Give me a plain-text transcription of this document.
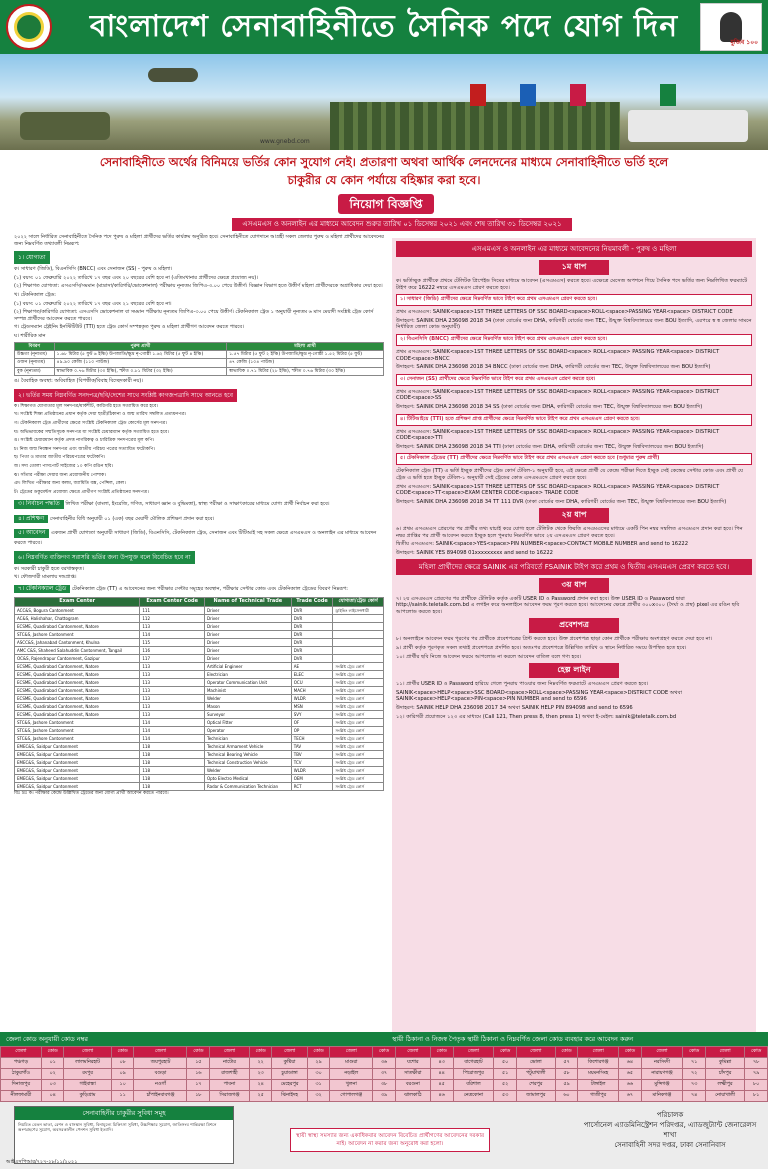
বাংলাদেশ সেনাবাহিনীতে সৈনিক পদে যোগ দিন	মুজিব ১০০
www.gnebd.com
সেনাবাহিনীতে অর্থের বিনিময়ে ভর্তির কোন সুযোগ নেই। প্রতারণা অথবা আর্থিক লেনদেনের মাধ্যমে সেনাবাহিনীতে ভর্তি হলে
চাকুরীর যে কোন পর্যায়ে বহিষ্কার করা হবে।
নিয়োগ বিজ্ঞপ্তি
এসএমএস ও অনলাইন এর মাধ্যমে আবেদন শুরুর তারিখ ০১ ডিসেম্বর ২০২১ এবং শেষ তারিখ ৩১ ডিসেম্বর ২০২১

২০২২ সালে নির্ধারিত সেনাবাহিনীতে সৈনিক পদে পুরুষ ও মহিলা প্রার্থীদের ভর্তির কার্যক্রম অনুষ্ঠিত হবে। সেনাবাহিনীতে যোগদানে আগ্রহী সকল জেলার পুরুষ ও মহিলা প্রার্থীদের আবেদনের জন্য নিম্নবর্ণিত তথ্যাবলী নিম্নরূপ:

১। যোগ্যতা

ক। সাধারণ (জিডি), বিএনসিসি (BNCC) এবং সেনাজন (SS) - পুরুষ ও মহিলা।

(১) বয়স: ০১ ফেব্রুয়ারি ২০২২ তারিখে ১৭ বছর এবং ২০ বছরের বেশি হবে না (এতিমখানার প্রার্থীদের ক্ষেত্রে প্রযোজ্য নয়)।

(২) শিক্ষাগত যোগ্যতা: এসএসসি/সমমান (মাদ্রাসা/কারিগরি/ভোকেশনাল) পরীক্ষায় নূন্যতম জিপিএ-৩.০০ পেয়ে উত্তীর্ণ। বিজ্ঞান বিভাগ হতে উত্তীর্ণ মহিলা প্রার্থীদেরকে অগ্রাধিকার দেয়া হবে।

খ। টেকনিক্যাল ট্রেড:

(১) বয়স: ০১ ফেব্রুয়ারি ২০২২ তারিখে ১৭ বছর এবং ২১ বছরের বেশি হবে না।

(২) শিক্ষাগত/কারিগরি যোগ্যতা: এসএসসি ভোকেশনাল বা সমমান পরীক্ষায় নূন্যতম জিপিএ-৩.০০ পেয়ে উত্তীর্ণ। টেকনিক্যাল ট্রেড ১ অনুযায়ী নূন্যতম ৬ মাস মেয়াদী সংশ্লিষ্ট ট্রেড কোর্স সম্পন্ন প্রার্থীদের আবেদন করতে পারবে।

গ। ট্রেডসম্যান ট্রেইনিং ইনস্টিটিউট (TTI) হতে ট্রেড কোর্স সম্পন্নকৃত পুরুষ ও মহিলা প্রার্থীগণ আবেদন করতে পারবে।

ঘ। শারীরিক মান

বিবরণ	পুরুষ প্রার্থী	মহিলা প্রার্থী
উচ্চতা (নূন্যতম)	১.৬৮ মিটার (৫ ফুট ৬ ইঞ্চি) উপজাতি/ক্ষুদ্র নৃ-গোষ্ঠী ১.৬২ মিটার (৫ ফুট ৪ ইঞ্চি)	১.৫৭ মিটার (৫ ফুট ২ ইঞ্চি) উপজাতি/ক্ষুদ্র নৃ-গোষ্ঠী ১.৫২ মিটার (৫ ফুট)
ওজন (নূন্যতম)	৪৯.৯০ কেজি (১১০ পাউন্ড)	৪৭ কেজি (১০৪ পাউন্ড)
বুক (নূন্যতম)	স্বাভাবিক ০.৭৬ মিটার (৩০ ইঞ্চি), স্ফীত ০.৮১ মিটার (৩২ ইঞ্চি)	স্বাভাবিক ০.৭১ মিটার (২৮ ইঞ্চি), স্ফীত ০.৭৬ মিটার (৩০ ইঞ্চি)

ঙ। বৈবাহিক অবস্থা: অবিবাহিত (বিপত্নীক/বিবাহ বিচ্ছেদকারী নয়)।

২। ভর্তির সময় নিম্নবর্ণিত সনদপত্র/ছবি/দেশের সাথে সংশ্লিষ্ট কাগজপত্রাদি সাথে আনতে হবে

ক। শিক্ষাগত যোগ্যতার মূল সনদপত্র/মার্কশীট, কারিগরি হতে সত্যায়িত করে হবে।

খ। সংশ্লিষ্ট শিক্ষা প্রতিষ্ঠানের প্রধান কর্তৃক দেয়া ছাত্রী/ঠিকানা ও জন্ম তারিখ সম্বলিত প্রত্যয়নপত্র।

গ। টেকনিক্যাল ট্রেড প্রার্থীদের ক্ষেত্রে সংশ্লিষ্ট টেকনিক্যাল ট্রেড কোর্সের মূল সনদপত্র।

ঘ। অভিভাবকের সম্মতিসূচক সনদপত্র যা সংশ্লিষ্ট চেয়ারম্যান কর্তৃক সত্যায়িত হতে হবে।

ঙ। সংশ্লিষ্ট চেয়ারম্যান কর্তৃক প্রদত্ত নাগরিকত্ব ও চারিত্রিক সনদপত্রের মূল কপি।

চ। নিজ জন্ম নিবন্ধন সনদপত্র এবং জাতীয় পরিচয় পত্রের সত্যায়িত ফটোকপি।

ছ। পিতা ও মাতার জাতীয় পরিচয়পত্রের ফটোকপি।

জ। সদ্য তোলা পাসপোর্ট সাইজের ১০ কপি রঙিন ছবি।

ঝ। সাঁতার পরীক্ষা দেয়ার জন্য প্রয়োজনীয় পোশাক।

ঞ। লিখিত পরীক্ষার জন্য কলম, জ্যামিতি বক্স, পেন্সিল, কেল।

ট। ট্রেডের ডকুমেন্টস প্রযোজ্য ক্ষেত্রে প্রার্থীগণ সংশ্লিষ্ট প্রতিষ্ঠানের সনদপত্র।

৩। নির্বাচন পদ্ধতি লিখিত পরীক্ষা (বাংলা, ইংরেজি, গণিত, সাধারণ জ্ঞান ও বুদ্ধিমত্তা), স্বাস্থ্য পরীক্ষা ও সাক্ষাৎকারের মাধ্যমে যোগ্য প্রার্থী নির্বাচন করা হবে।

৪। প্রশিক্ষণ সেনাবাহিনীর বিধি অনুযায়ী ০১ (এক) বছর মেয়াদী মৌলিক প্রশিক্ষণ প্রদান করা হবে।

৫। আবেদন একজন প্রার্থী যোগ্যতা অনুযায়ী সাধারণ (জিডি), বিএনসিসি, টেকনিক্যাল ট্রেড, সেনাজন এবং টিটিআই সহ সকল ক্ষেত্রে এসএমএস ও অনলাইন এর মাধ্যমে আবেদন করতে পারবে।

৬। নিম্নবর্ণিত ব্যক্তিগণ সরাসরি ভর্তির জন্য উপযুক্ত বলে বিবেচিত হবে না

ক। সরকারী চাকুরী হতে বরখাস্তকৃত।

খ। ফৌজদারী মামলায় দন্ডপ্রাপ্ত।

৭। টেকনিক্যাল ট্রেড টেকনিক্যাল ট্রেড (TT) এ আবেদনের জন্য পরীক্ষার সেন্টার সমূহের অবস্থান, পরীক্ষার সেন্টার কোড এবং টেকনিক্যাল ট্রেডের বিবরণ নিম্নরূপ:

Exam Center	Exam Center Code	Name of Technical Trade	Trade Code	যোগ্যতা/ট্রেড কোর্স
ACC&S, Bogura Cantonment	111	Driver	DVR	ড্রাইভিং লাইসেন্সধারী
AC&S, Halishahar, Chattogram	112	Driver	DVR	
ECSME, Quadirabad Cantonment, Natore	113	Driver	DVR	
STC&S, Jashore Cantonment	114	Driver	DVR	
ASCC&S, Jahanabad Cantonment, Khulna	115	Driver	DVR	
AMC C&S, Shaheed Salahuddin Cantonment, Tangail	116	Driver	DVR	
OC&S, Rajendrapur Cantonment, Gazipur	117	Driver	DVR	
ECSME, Quadirabad Cantonment, Natore	113	Artificial Engineer	AE	সংশ্লিষ্ট ট্রেড কোর্স
ECSME, Quadirabad Cantonment, Natore	113	Electrician	ELEC	সংশ্লিষ্ট ট্রেড কোর্স
ECSME, Quadirabad Cantonment, Natore	113	Operator Communication Unit	OCU	সংশ্লিষ্ট ট্রেড কোর্স
ECSME, Quadirabad Cantonment, Natore	113	Machinist	MACH	সংশ্লিষ্ট ট্রেড কোর্স
ECSME, Quadirabad Cantonment, Natore	113	Welder	WLDR	সংশ্লিষ্ট ট্রেড কোর্স
ECSME, Quadirabad Cantonment, Natore	113	Mason	MSN	সংশ্লিষ্ট ট্রেড কোর্স
ECSME, Quadirabad Cantonment, Natore	113	Surveyor	SVY	সংশ্লিষ্ট ট্রেড কোর্স
STC&S, Jashore Cantonment	114	Optical Fitter	OF	সংশ্লিষ্ট ট্রেড কোর্স
STC&S, Jashore Cantonment	114	Operator	OP	সংশ্লিষ্ট ট্রেড কোর্স
STC&S, Jashore Cantonment	114	Technician	TECH	সংশ্লিষ্ট ট্রেড কোর্স
EMEC&S, Saidpur Cantonment	118	Technical Armament Vehicle	TAV	সংশ্লিষ্ট ট্রেড কোর্স
EMEC&S, Saidpur Cantonment	118	Technical Bearing Vehicle	TBV	সংশ্লিষ্ট ট্রেড কোর্স
EMEC&S, Saidpur Cantonment	118	Technical Construction Vehicle	TCV	সংশ্লিষ্ট ট্রেড কোর্স
EMEC&S, Saidpur Cantonment	118	Welder	WLDR	সংশ্লিষ্ট ট্রেড কোর্স
EMEC&S, Saidpur Cantonment	118	Opto Electro Medical	OEM	সংশ্লিষ্ট ট্রেড কোর্স
EMEC&S, Saidpur Cantonment	118	Radar & Communication Technician	RCT	সংশ্লিষ্ট ট্রেড কোর্স

বিঃ দ্রঃ ক। পরীক্ষার কেন্দ্রে উল্লিখিত ট্রেডের জন্য যোগ্য প্রার্থী আবেদন করতে পারবে।

এসএমএস ও অনলাইন এর মাধ্যমে আবেদনের নিয়মাবলী - পুরুষ ও মহিলা
১ম ধাপ

ক। ভর্তিচ্ছুক প্রার্থীকে প্রথমে টেলিটক প্রিপেইড সিমের মাধ্যমে আবেদন (এসএমএস) করতে হবে। এক্ষেত্রে মেসেজ অপশনে গিয়ে সৈনিক পদে ভর্তির জন্য নিম্নলিখিত ফরম্যাটে টাইপ করে 16222 নম্বরে এসএমএস প্রেরণ করতে হবে।

১। সাধারণ (জিডি) প্রার্থীদের ক্ষেত্রে নিম্নবর্ণিত ভাবে টাইপ করে প্রথম এসএমএস প্রেরণ করতে হবে।

প্রথম এসএমএস: SAINIK<space>1ST THREE LETTERS OF SSC BOARD<space>ROLL<space>PASSING YEAR<space> DISTRICT CODE

উদাহরণ: SAINIK DHA 236098 2018 34 (ঢাকা বোর্ডের জন্য DHA, কারিগরী বোর্ডের জন্য TEC, উন্মুক্ত বিশ্ববিদ্যালয়ের জন্য BOU ইত্যাদি, এরপরে স্ব স্ব জেলার সামনে নির্ধারিত জেলা কোড অনুযায়ী)

২। বিএনসিসি (BNCC) প্রার্থীদের ক্ষেত্রে নিম্নবর্ণিত ভাবে টাইপ করে প্রথম এসএমএস প্রেরণ করতে হবে।

প্রথম এসএমএস: SAINIK<space>1ST THREE LETTERS OF SSC BOARD<space> ROLL<space> PASSING YEAR<space> DISTRICT CODE<space>BNCC

উদাহরণ: SAINIK DHA 236098 2018 34 BNCC (ঢাকা বোর্ডের জন্য DHA, কারিগরী বোর্ডের জন্য TEC, উন্মুক্ত বিশ্ববিদ্যালয়ের জন্য BOU ইত্যাদি)

৩। সেনাজন (SS) প্রার্থীদের ক্ষেত্রে নিম্নবর্ণিত ভাবে টাইপ করে প্রথম এসএমএস প্রেরণ করতে হবে।

প্রথম এসএমএস: SAINIK<space>1ST THREE LETTERS OF SSC BOARD<space> ROLL<space> PASSING YEAR<space> DISTRICT CODE<space>SS

উদাহরণ: SAINIK DHA 236098 2018 34 SS (ঢাকা বোর্ডের জন্য DHA, কারিগরী বোর্ডের জন্য TEC, উন্মুক্ত বিশ্ববিদ্যালয়ের জন্য BOU ইত্যাদি)

৪। টিটিআইয়ে (TTI) হতে প্রশিক্ষণ প্রাপ্ত প্রার্থীদের ক্ষেত্রে নিম্নবর্ণিত ভাবে টাইপ করে প্রথম এসএমএস প্রেরণ করতে হবে।

প্রথম এসএমএস: SAINIK<space>1ST THREE LETTERS OF SSC BOARD<space> ROLL<space> PASSING YEAR<space> DISTRICT CODE<space>TTI

উদাহরণ: SAINIK DHA 236098 2018 34 TTI (ঢাকা বোর্ডের জন্য DHA, কারিগরী বোর্ডের জন্য TEC, উন্মুক্ত বিশ্ববিদ্যালয়ের জন্য BOU ইত্যাদি)

৫। টেকনিক্যাল ট্রেডের (TT) প্রার্থীদের ক্ষেত্রে নিম্নবর্ণিত ভাবে টাইপ করে প্রথম এসএমএস প্রেরণ করতে হবে (শুধুমাত্র পুরুষ প্রার্থী)

টেকনিক্যাল ট্রেড (TT) এ ভর্তি ইচ্ছুক প্রার্থীদের ট্রেড কোর্স টেবিল-১ অনুযায়ী হবে, এই ক্ষেত্রে প্রার্থী যে কেন্দ্রে পরীক্ষা দিতে ইচ্ছুক সেই কেন্দ্রের সেন্টার কোড এবং প্রার্থী যে ট্রেড এ ভর্তি হতে ইচ্ছুক টেবিল-১ অনুযায়ী সেই ট্রেডের কোড এসএমএসে প্রেরণ করতে হবে।

প্রথম এসএমএস: SAINIK<space>1ST THREE LETTERS OF SSC BOARD<space> ROLL<space> PASSING YEAR<space> DISTRICT CODE<space>TT<space>EXAM CENTER CODE<space> TRADE CODE

উদাহরণ: SAINIK DHA 236098 2018 34 TT 111 DVR (ঢাকা বোর্ডের জন্য DHA, কারিগরী বোর্ডের জন্য TEC, উন্মুক্ত বিশ্ববিদ্যালয়ের জন্য BOU ইত্যাদি)

২য় ধাপ

৬। প্রথম এসএমএস প্রেরণের পর প্রার্থীর তথ্য যাচাই করে যোগ্য হলে টেলিটক থেকে ফিরতি এসএমএসের মাধ্যমে একটি পিন নম্বর সম্বলিত এসএমএস প্রদান করা হবে। পিন নম্বর প্রাপ্তির পর প্রার্থী আবেদন করতে ইচ্ছুক হলে পুনরায় নিম্নবর্ণিত ভাবে ২য় এসএমএস প্রেরণ করতে হবে।

দ্বিতীয় এসএমএস: SAINIK<space>YES<space>PIN NUMBER<space>CONTACT MOBILE NUMBER and send to 16222

উদাহরণ: SAINIK YES 894098 01xxxxxxxxx and send to 16222

মহিলা প্রার্থীদের ক্ষেত্রে SAINIK এর পরিবর্তে FSAINIK টাইপ করে প্রথম ও দ্বিতীয় এসএমএস প্রেরণ করতে হবে।
৩য় ধাপ

৭। ২য় এসএমএস প্রেরণের পর প্রার্থীকে টেলিটক কর্তৃক একটি USER ID ও Password প্রদান করা হবে। উক্ত USER ID ও Password দ্বারা http://sainik.teletalk.com.bd এ লগইন করে অনলাইনে আবেদন ফরম পূরণ করতে হবে। আবেদনের ক্ষেত্রে প্রার্থীর ৩০০x৩০০ (দৈর্ঘ্য ও প্রস্থ) pixel এর রঙিন ছবি আপলোড করতে হবে।

প্রবেশপত্র

৮। অনলাইনে আবেদন ফরম পূরণের পর প্রার্থীকে প্রবেশপত্রের প্রিন্ট করতে হবে। উক্ত প্রবেশপত্র ছাড়া কোন প্রার্থীকে পরীক্ষায় অংশগ্রহণ করতে দেয়া হবে না।

৯। প্রার্থী কর্তৃক পূরণকৃত সকল তথ্যই প্রবেশপত্রে প্রদর্শিত হবে। অতঃপর প্রবেশপত্রে উল্লিখিত তারিখ ও স্থানে নির্ধারিত সময়ে উপস্থিত হতে হবে।

১০। প্রার্থীর ছবি নিজে আবেদন ফরমে আপলোড না করলে আবেদন বাতিল বলে গণ্য হবে।

হেল্প লাইন

১১। প্রার্থীর USER ID ও Password হারিয়ে গেলে পুনরায় পাওয়ার জন্য নিম্নবর্ণিত ফরম্যাটে এসএমএস প্রেরণ করতে হবে।

SAINIK<space>HELP<space>SSC BOARD<space>ROLL<space>PASSING YEAR<space>DISTRICT CODE অথবা SAINIK<space>HELP<space>PIN<space>PIN NUMBER and send to 6596

উদাহরণ: SAINIK HELP DHA 236098 2017 34 অথবা SAINIK HELP PIN 894098 and send to 6596

১২। কারিগরী প্রয়োজনে ১২৩ এর মাধ্যমে (Call 121, Then press 8, then press 1) অথবা ই-মেইল: sainik@teletalk.com.bd

জেলা কোড অনুযায়ী কোড নম্বর	স্থায়ী ঠিকানা ও নিজস্ব পৈতৃক স্থায়ী ঠিকানা ও নিম্নবর্ণিত জেলা কোড ব্যবহার করে আবেদন করুন
জেলা	কোড	জেলা	কোড	জেলা	কোড	জেলা	কোড	জেলা	কোড	জেলা	কোড	জেলা	কোড	জেলা	কোড	জেলা	কোড	জেলা	কোড	জেলা	কোড	জেলা	কোড
পঞ্চগড়	০১	লালমনিরহাট	০৮	জয়পুরহাট	১৫	নাটোর	২২	কুষ্টিয়া	২৯	মাগুরা	৩৬	যশোর	৪৩	বাগেরহাট	৫০	ভোলা	৫৭	কিশোরগঞ্জ	৬৪	নরসিংদী	৭১	কুমিল্লা	৭৮
ঠাকুরগাঁও	০২	রংপুর	০৯	বগুড়া	১৬	রাজশাহী	২৩	চুয়াডাঙ্গা	৩০	নড়াইল	৩৭	সাতক্ষীরা	৪৪	পিরোজপুর	৫১	পটুয়াখালী	৫৮	ময়মনসিংহ	৬৫	নারায়ণগঞ্জ	৭২	চাঁদপুর	৭৯
দিনাজপুর	০৩	গাইবান্ধা	১০	নওগাঁ	১৭	পাবনা	২৪	মেহেরপুর	৩১	খুলনা	৩৮	বরগুনা	৪৫	বরিশাল	৫২	শেরপুর	৫৯	টাঙ্গাইল	৬৬	মুন্সিগঞ্জ	৭৩	লক্ষ্মীপুর	৮০
নীলফামারী	০৪	কুড়িগ্রাম	১১	চাঁপাইনবাবগঞ্জ	১৮	সিরাজগঞ্জ	২৫	ঝিনাইদহ	৩২	গোপালগঞ্জ	৩৯	ঝালকাঠি	৪৬	নেত্রকোনা	৫৩	জামালপুর	৬০	গাজীপুর	৬৭	মানিকগঞ্জ	৭৪	নোয়াখালী	৮১
সেনাবাহিনীর চাকুরীর সুবিধা সমূহ

নিয়মিত বেতন ভাতা, রেশন ও বাসস্থান সুবিধা, বিনামূল্যে চিকিৎসা সুবিধা, উচ্চশিক্ষার সুযোগ, জাতিসংঘ শান্তিরক্ষা মিশনে অংশগ্রহণের সুযোগ, অবসরকালীন পেনশন সুবিধা ইত্যাদি।

স্থায়ী স্বাস্থ্য সমস্যার জন্য একাধিকবার আবেদন বিবেচিত প্রার্থীগণের আবেদনের দরকার নাই। আবেদন না করার জন্য অনুরোধ করা হলো।
পরিচালক
পার্সোনেল এ্যাডমিনিস্ট্রেশন পরিদপ্তর, এ্যাডজুট্যান্ট জেনারেলস শাখা
সেনাবাহিনী সদর দপ্তর, ঢাকা সেনানিবাস
আইএসপিআর/৭২৭-২৮/১১/২০২১
